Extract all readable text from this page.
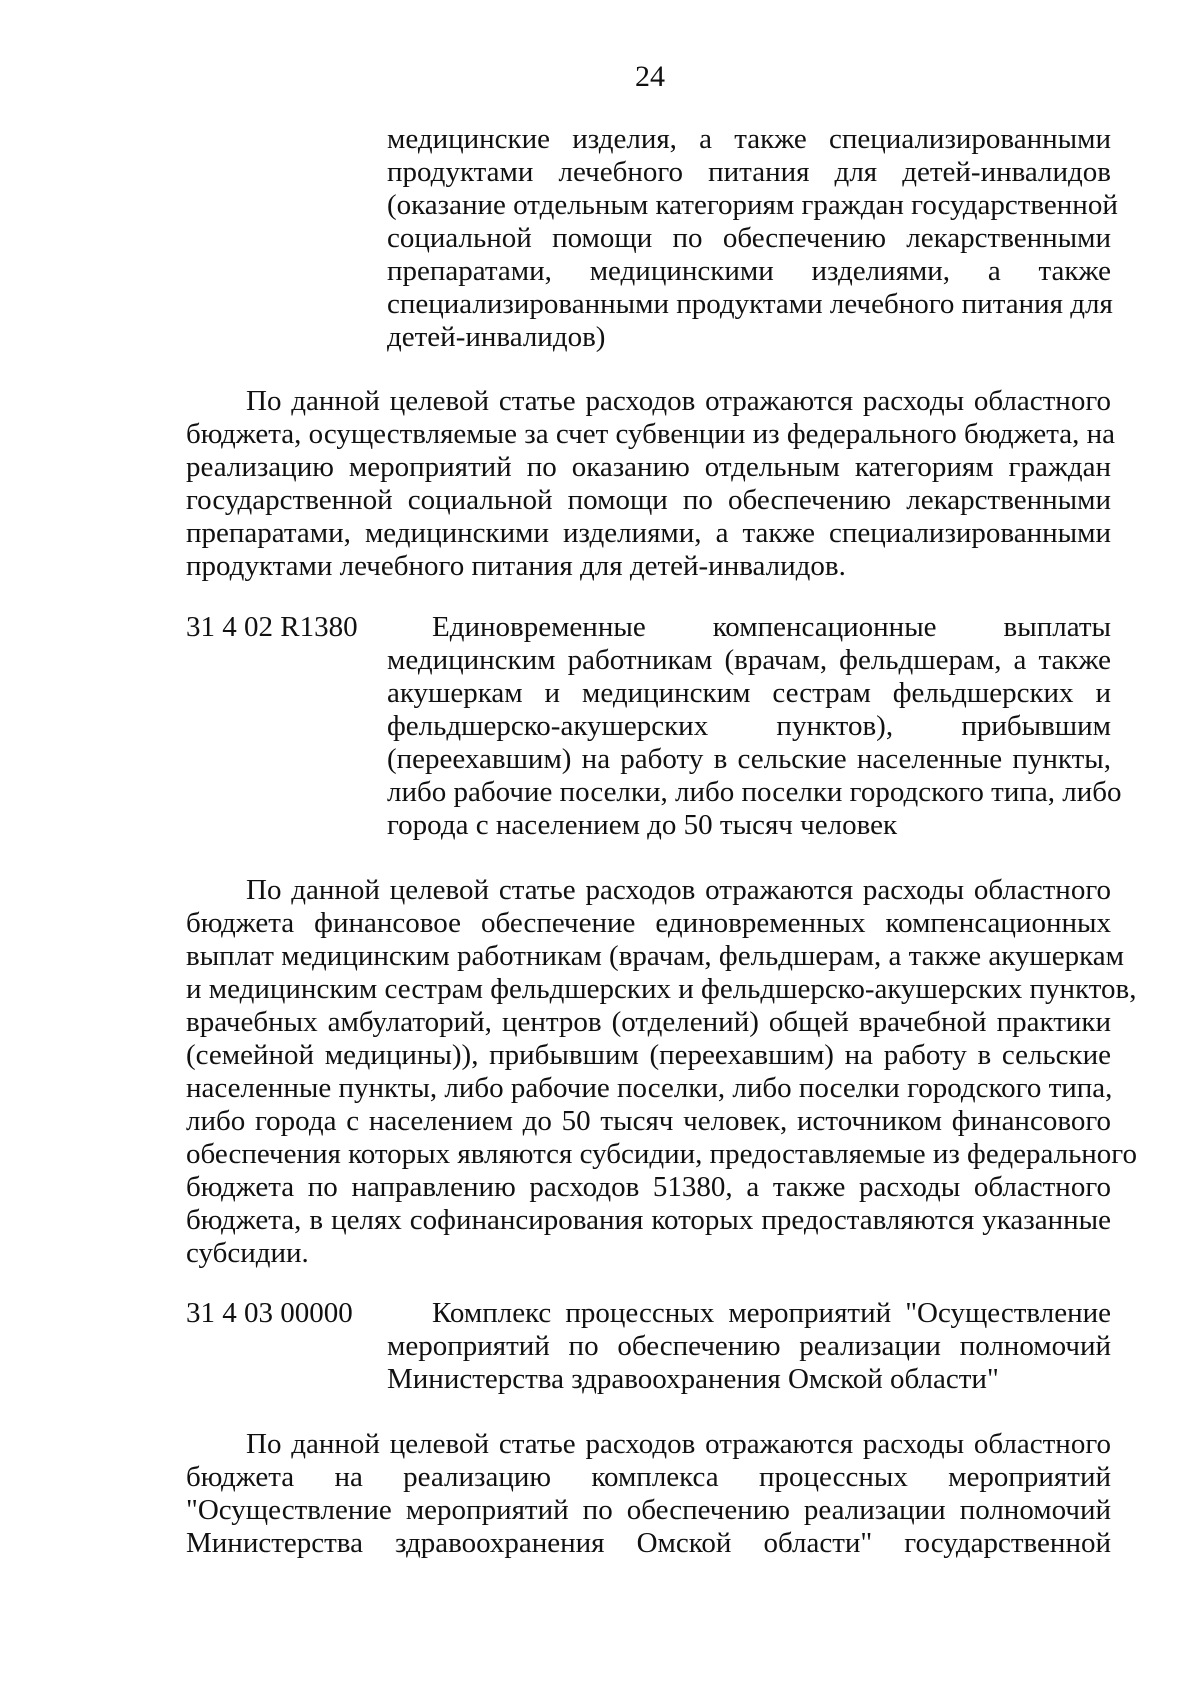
24
медицинские изделия, а также специализированными
продуктами лечебного питания для детей-инвалидов
(оказание отдельным категориям граждан государственной
социальной помощи по обеспечению лекарственными
препаратами, медицинскими изделиями, а также
специализированными продуктами лечебного питания для
детей-инвалидов)
По данной целевой статье расходов отражаются расходы областного
бюджета, осуществляемые за счет субвенции из федерального бюджета, на
реализацию мероприятий по оказанию отдельным категориям граждан
государственной социальной помощи по обеспечению лекарственными
препаратами, медицинскими изделиями, а также специализированными
продуктами лечебного питания для детей-инвалидов.
31 4 02 R1380	Единовременные компенсационные выплаты
медицинским работникам (врачам, фельдшерам, а также
акушеркам и медицинским сестрам фельдшерских и
фельдшерско-акушерских пунктов), прибывшим
(переехавшим) на работу в сельские населенные пункты,
либо рабочие поселки, либо поселки городского типа, либо
города с населением до 50 тысяч человек
По данной целевой статье расходов отражаются расходы областного
бюджета финансовое обеспечение единовременных компенсационных
выплат медицинским работникам (врачам, фельдшерам, а также акушеркам
и медицинским сестрам фельдшерских и фельдшерско-акушерских пунктов,
врачебных амбулаторий, центров (отделений) общей врачебной практики
(семейной медицины)), прибывшим (переехавшим) на работу в сельские
населенные пункты, либо рабочие поселки, либо поселки городского типа,
либо города с населением до 50 тысяч человек, источником финансового
обеспечения которых являются субсидии, предоставляемые из федерального
бюджета по направлению расходов 51380, а также расходы областного
бюджета, в целях софинансирования которых предоставляются указанные
субсидии.
31 4 03 00000	Комплекс процессных мероприятий "Осуществление
мероприятий по обеспечению реализации полномочий
Министерства здравоохранения Омской области"
По данной целевой статье расходов отражаются расходы областного
бюджета на реализацию комплекса процессных мероприятий
"Осуществление мероприятий по обеспечению реализации полномочий
Министерства здравоохранения Омской области" государственной
